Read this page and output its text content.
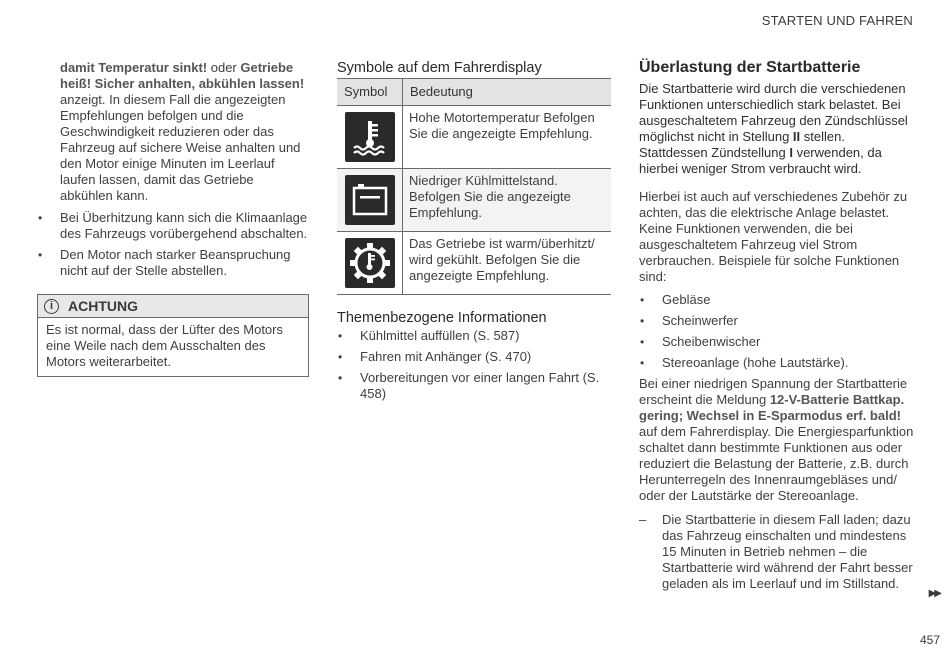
STARTEN UND FAHREN

damit Temperatur sinkt! oder Getriebe heiß! Sicher anhalten, abkühlen lassen! anzeigt. In diesem Fall die angezeigten Empfehlungen befolgen und die Geschwindigkeit reduzieren oder das Fahrzeug auf sichere Weise anhalten und den Motor einige Minuten im Leerlauf laufen lassen, damit das Getriebe abkühlen kann.

• Bei Überhitzung kann sich die Klimaanlage des Fahrzeugs vorübergehend abschalten.
• Den Motor nach starker Beanspruchung nicht auf der Stelle abstellen.
i	ACHTUNG
Es ist normal, dass der Lüfter des Motors eine Weile nach dem Ausschalten des Motors weiterarbeitet.
Symbole auf dem Fahrerdisplay
Symbol	Bedeutung

	Hohe Motortemperatur Befolgen Sie die angezeigte Empfehlung.

	Niedriger Kühlmittelstand. Befolgen Sie die angezeigte Empfehlung.

	Das Getriebe ist warm/überhitzt/ wird gekühlt. Befolgen Sie die angezeigte Empfehlung.
Themenbezogene Informationen
• Kühlmittel auffüllen (S. 587)
• Fahren mit Anhänger (S. 470)
• Vorbereitungen vor einer langen Fahrt (S. 458)
Überlastung der Startbatterie

Die Startbatterie wird durch die verschiedenen Funktionen unterschiedlich stark belastet. Bei ausgeschaltetem Fahrzeug den Zündschlüssel möglichst nicht in Stellung II stellen. Stattdessen Zündstellung I verwenden, da hierbei weniger Strom verbraucht wird.

Hierbei ist auch auf verschiedenes Zubehör zu achten, das die elektrische Anlage belastet. Keine Funktionen verwenden, die bei ausgeschaltetem Fahrzeug viel Strom verbrauchen. Beispiele für solche Funktionen sind:

• Gebläse
• Scheinwerfer
• Scheibenwischer
• Stereoanlage (hohe Lautstärke).

Bei einer niedrigen Spannung der Startbatterie erscheint die Meldung 12-V-Batterie Battkap. gering; Wechsel in E-Sparmodus erf. bald! auf dem Fahrerdisplay. Die Energiesparfunktion schaltet dann bestimmte Funktionen aus oder reduziert die Belastung der Batterie, z.B. durch Herunterregeln des Innenraumgebläses und/ oder der Lautstärke der Stereoanlage.

– Die Startbatterie in diesem Fall laden; dazu das Fahrzeug einschalten und mindestens 15 Minuten in Betrieb nehmen – die Startbatterie wird während der Fahrt besser geladen als im Leerlauf und im Stillstand.
▶▶
457
